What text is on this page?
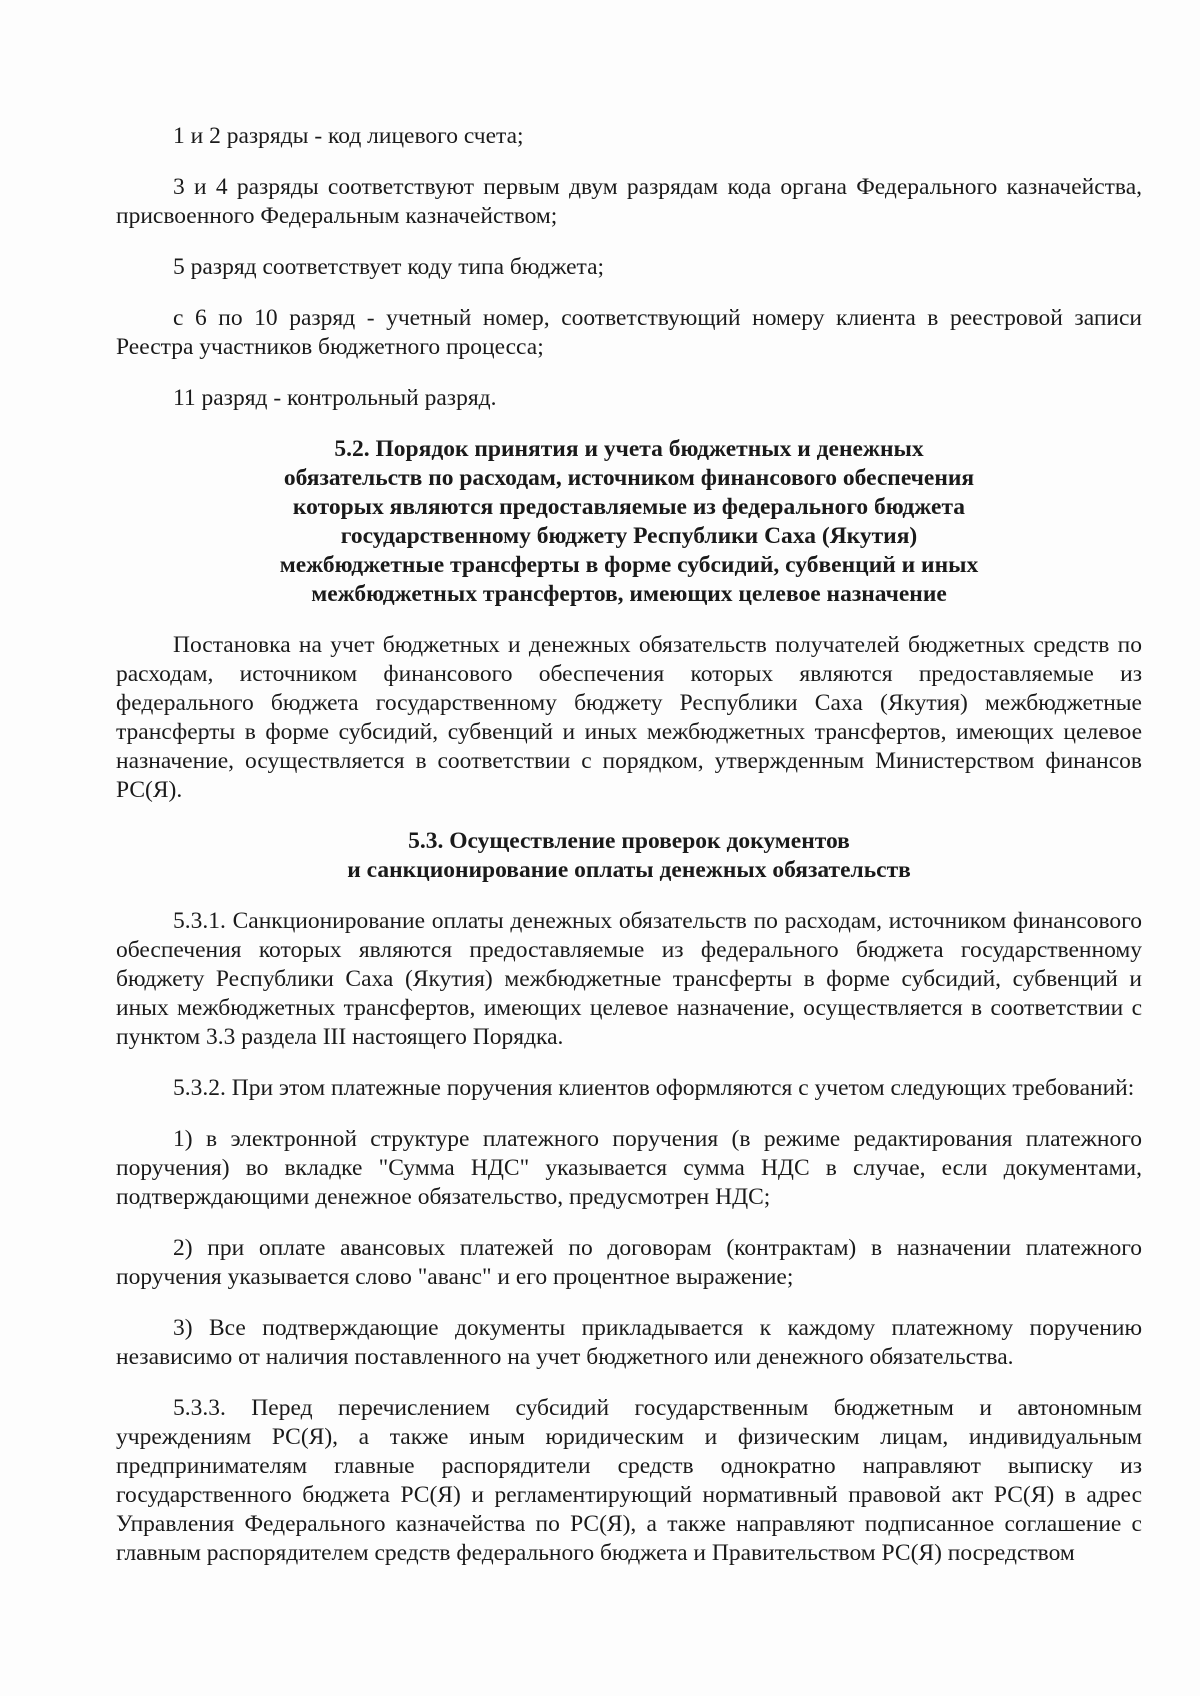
1 и 2 разряды - код лицевого счета;

3 и 4 разряды соответствуют первым двум разрядам кода органа Федерального казначейства, присвоенного Федеральным казначейством;

5 разряд соответствует коду типа бюджета;

с 6 по 10 разряд - учетный номер, соответствующий номеру клиента в реестровой записи Реестра участников бюджетного процесса;

11 разряд - контрольный разряд.

5.2. Порядок принятия и учета бюджетных и денежных
обязательств по расходам, источником финансового обеспечения
которых являются предоставляемые из федерального бюджета
государственному бюджету Республики Саха (Якутия)
межбюджетные трансферты в форме субсидий, субвенций и иных
межбюджетных трансфертов, имеющих целевое назначение

Постановка на учет бюджетных и денежных обязательств получателей бюджетных средств по расходам, источником финансового обеспечения которых являются предоставляемые из федерального бюджета государственному бюджету Республики Саха (Якутия) межбюджетные трансферты в форме субсидий, субвенций и иных межбюджетных трансфертов, имеющих целевое назначение, осуществляется в соответствии с порядком, утвержденным Министерством финансов РС(Я).

5.3. Осуществление проверок документов
и санкционирование оплаты денежных обязательств

5.3.1. Санкционирование оплаты денежных обязательств по расходам, источником финансового обеспечения которых являются предоставляемые из федерального бюджета государственному бюджету Республики Саха (Якутия) межбюджетные трансферты в форме субсидий, субвенций и иных межбюджетных трансфертов, имеющих целевое назначение, осуществляется в соответствии с пунктом 3.3 раздела III настоящего Порядка.

5.3.2. При этом платежные поручения клиентов оформляются с учетом следующих требований:

1) в электронной структуре платежного поручения (в режиме редактирования платежного поручения) во вкладке "Сумма НДС" указывается сумма НДС в случае, если документами, подтверждающими денежное обязательство, предусмотрен НДС;

2) при оплате авансовых платежей по договорам (контрактам) в назначении платежного поручения указывается слово "аванс" и его процентное выражение;

3) Все подтверждающие документы прикладывается к каждому платежному поручению независимо от наличия поставленного на учет бюджетного или денежного обязательства.

5.3.3. Перед перечислением субсидий государственным бюджетным и автономным учреждениям РС(Я), а также иным юридическим и физическим лицам, индивидуальным предпринимателям главные распорядители средств однократно направляют выписку из государственного бюджета РС(Я) и регламентирующий нормативный правовой акт РС(Я) в адрес Управления Федерального казначейства по РС(Я), а также направляют подписанное соглашение с главным распорядителем средств федерального бюджета и Правительством РС(Я) посредством
